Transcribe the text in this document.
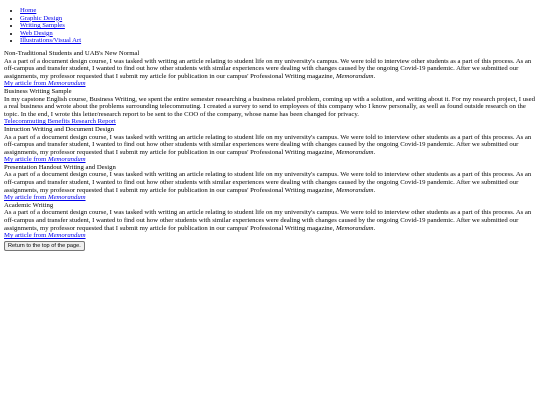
• Home
• Graphic Design
• Writing Samples
• Web Design
• Illustrations/Visual Art
Non-Traditional Students and UAB's New Normal
As a part of a document design course, I was tasked with writing an article relating to student life on my university's campus. We were told to interview other students as a part of this process. As an off-campus and transfer student, I wanted to find out how other students with similar experiences were dealing with changes caused by the ongoing Covid-19 pandemic. After we submitted our assignments, my professor requested that I submit my article for publication in our campus' Professional Writing magazine, Memorandum.
My article from Memorandum
Business Writing Sample
In my capstone English course, Business Writing, we spent the entire semester researching a business related problem, coming up with a solution, and writing about it. For my research project, I used a real business and wrote about the problems surrounding telecommuting. I created a survey to send to employees of this company who I know personally, as well as found outside research on the topic. In the end, I wrote this letter/research report to be sent to the COO of the company, whose name has been changed for privacy.
Telecommuting Benefits Research Report
Intruction Writing and Document Design
As a part of a document design course, I was tasked with writing an article relating to student life on my university's campus. We were told to interview other students as a part of this process. As an off-campus and transfer student, I wanted to find out how other students with similar experiences were dealing with changes caused by the ongoing Covid-19 pandemic. After we submitted our assignments, my professor requested that I submit my article for publication in our campus' Professional Writing magazine, Memorandum.
My article from Memorandum
Presentation Handout Writing and Design
As a part of a document design course, I was tasked with writing an article relating to student life on my university's campus. We were told to interview other students as a part of this process. As an off-campus and transfer student, I wanted to find out how other students with similar experiences were dealing with changes caused by the ongoing Covid-19 pandemic. After we submitted our assignments, my professor requested that I submit my article for publication in our campus' Professional Writing magazine, Memorandum.
My article from Memorandum
Academic Writing
As a part of a document design course, I was tasked with writing an article relating to student life on my university's campus. We were told to interview other students as a part of this process. As an off-campus and transfer student, I wanted to find out how other students with similar experiences were dealing with changes caused by the ongoing Covid-19 pandemic. After we submitted our assignments, my professor requested that I submit my article for publication in our campus' Professional Writing magazine, Memorandum.
My article from Memorandum
Return to the top of the page.
